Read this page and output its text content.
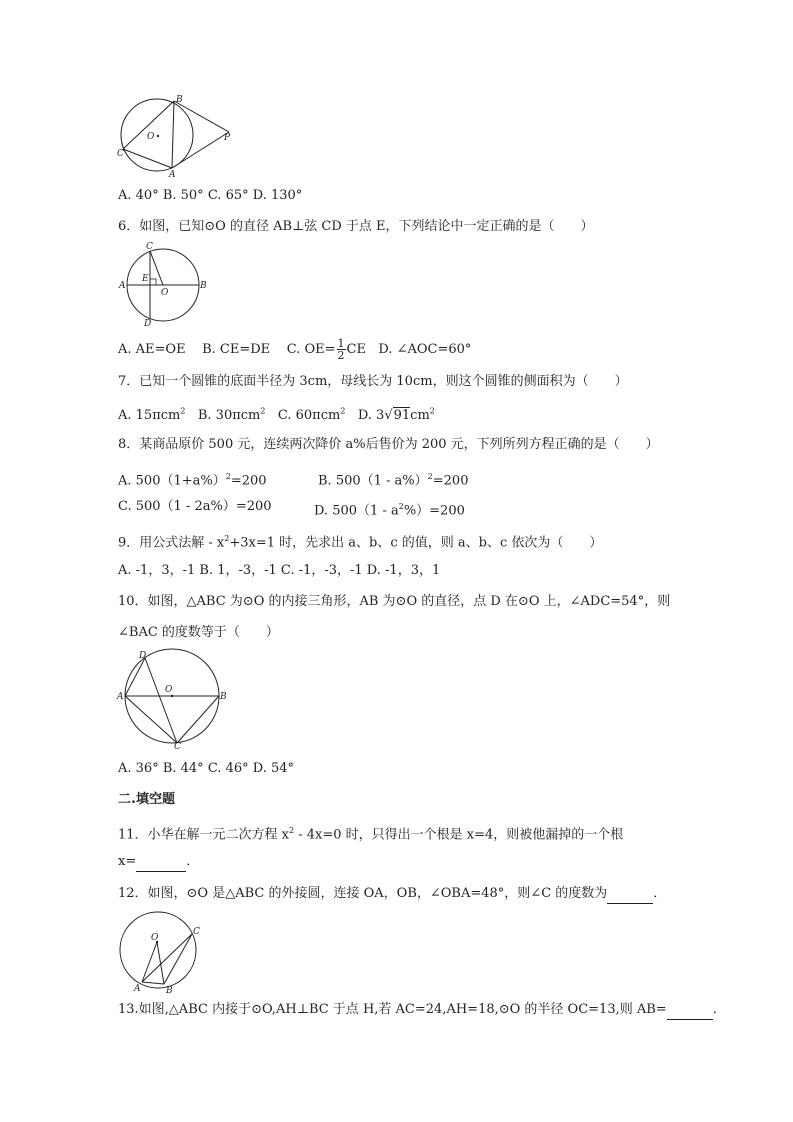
B
C
A
P
O
A. 40° B. 50° C. 65° D. 130°
6．如图，已知⊙O 的直径 AB⊥弦 CD 于点 E，下列结论中一定正确的是（　　）
C
E
A
O
B
D
A. AE=OE B. CE=DE C. $OE= \frac{1}{2}$ CE D. ∠AOC=60°
7．已知一个圆锥的底面半径为 3cm，母线长为 10cm，则这个圆锥的侧面积为（　　）
A. 15πcm$^2$ B. 30πcm$^2$ C. 60πcm$^2$ D. $3√91cm^2$
8．某商品原价 500 元，连续两次降价 a%后售价为 200 元，下列所列方程正确的是（　　）
A. $500(1+a\%)^2=200$	B. 500（1 - a%）$^2$=200
C. 500（1 - 2a%）=200	D. $500(1 - a^2\%)=200$
9．用公式法解 - $x^2+3x=1$ 时，先求出 a、b、c 的值，则 a、b、c 依次为（　　）
A. -1，3，-1 B. 1，-3，-1 C. -1，-3，-1 D. -1，3，1
10．如图，△ABC 为⊙O 的内接三角形，AB 为⊙O 的直径，点 D 在⊙O 上，∠ADC=54°，则
∠BAC 的度数等于（　　）
D
O
A	B
C
A. 36° B. 44° C. 46° D. 54°
二.填空题
11．小华在解一元二次方程 $x^2 - 4x=0$ 时，只得出一个根是 x=4，则被他漏掉的一个根
x=	．
12．如图，⊙O 是△ABC 的外接圆，连接 OA，OB，∠OBA=48°，则∠C 的度数为	．
O
C
A	B
13.如图,△ABC 内接于⊙O,AH⊥BC 于点 H,若 AC=24,AH=18,⊙O 的半径 OC=13,则 AB=	．
